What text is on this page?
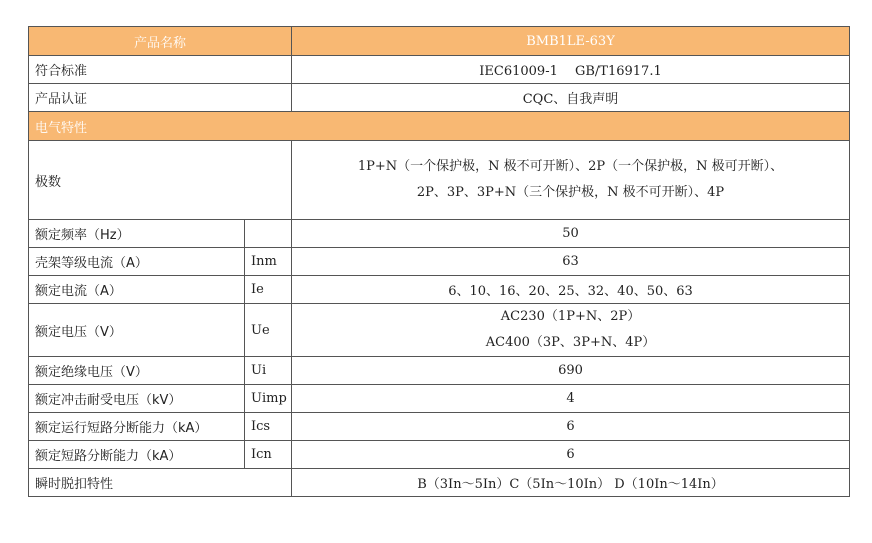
产品名称		BMB1LE-63Y
符合标准		IEC61009-1　 GB/T16917.1
产品认证		CQC、自我声明
电气特性		
极数		1P+N（一个保护极，N 极不可开断）、2P（一个保护极，N 极可开断）、
2P、3P、3P+N（三个保护极，N 极不可开断）、4P

额定频率（Hz）		50
壳架等级电流（A）	Inm	63
额定电流（A）	Ie	6、10、16、20、25、32、40、50、63
额定电压（V）	Ue	AC230（1P+N、2P）
AC400（3P、3P+N、4P）

额定绝缘电压（V）	Ui	690
额定冲击耐受电压（kV）	Uimp	4
额定运行短路分断能力（kA）	Ics	6
额定短路分断能力（kA）	Icn	6
瞬时脱扣特性		B（3In～5In）C（5In～10In） D（10In～14In）
